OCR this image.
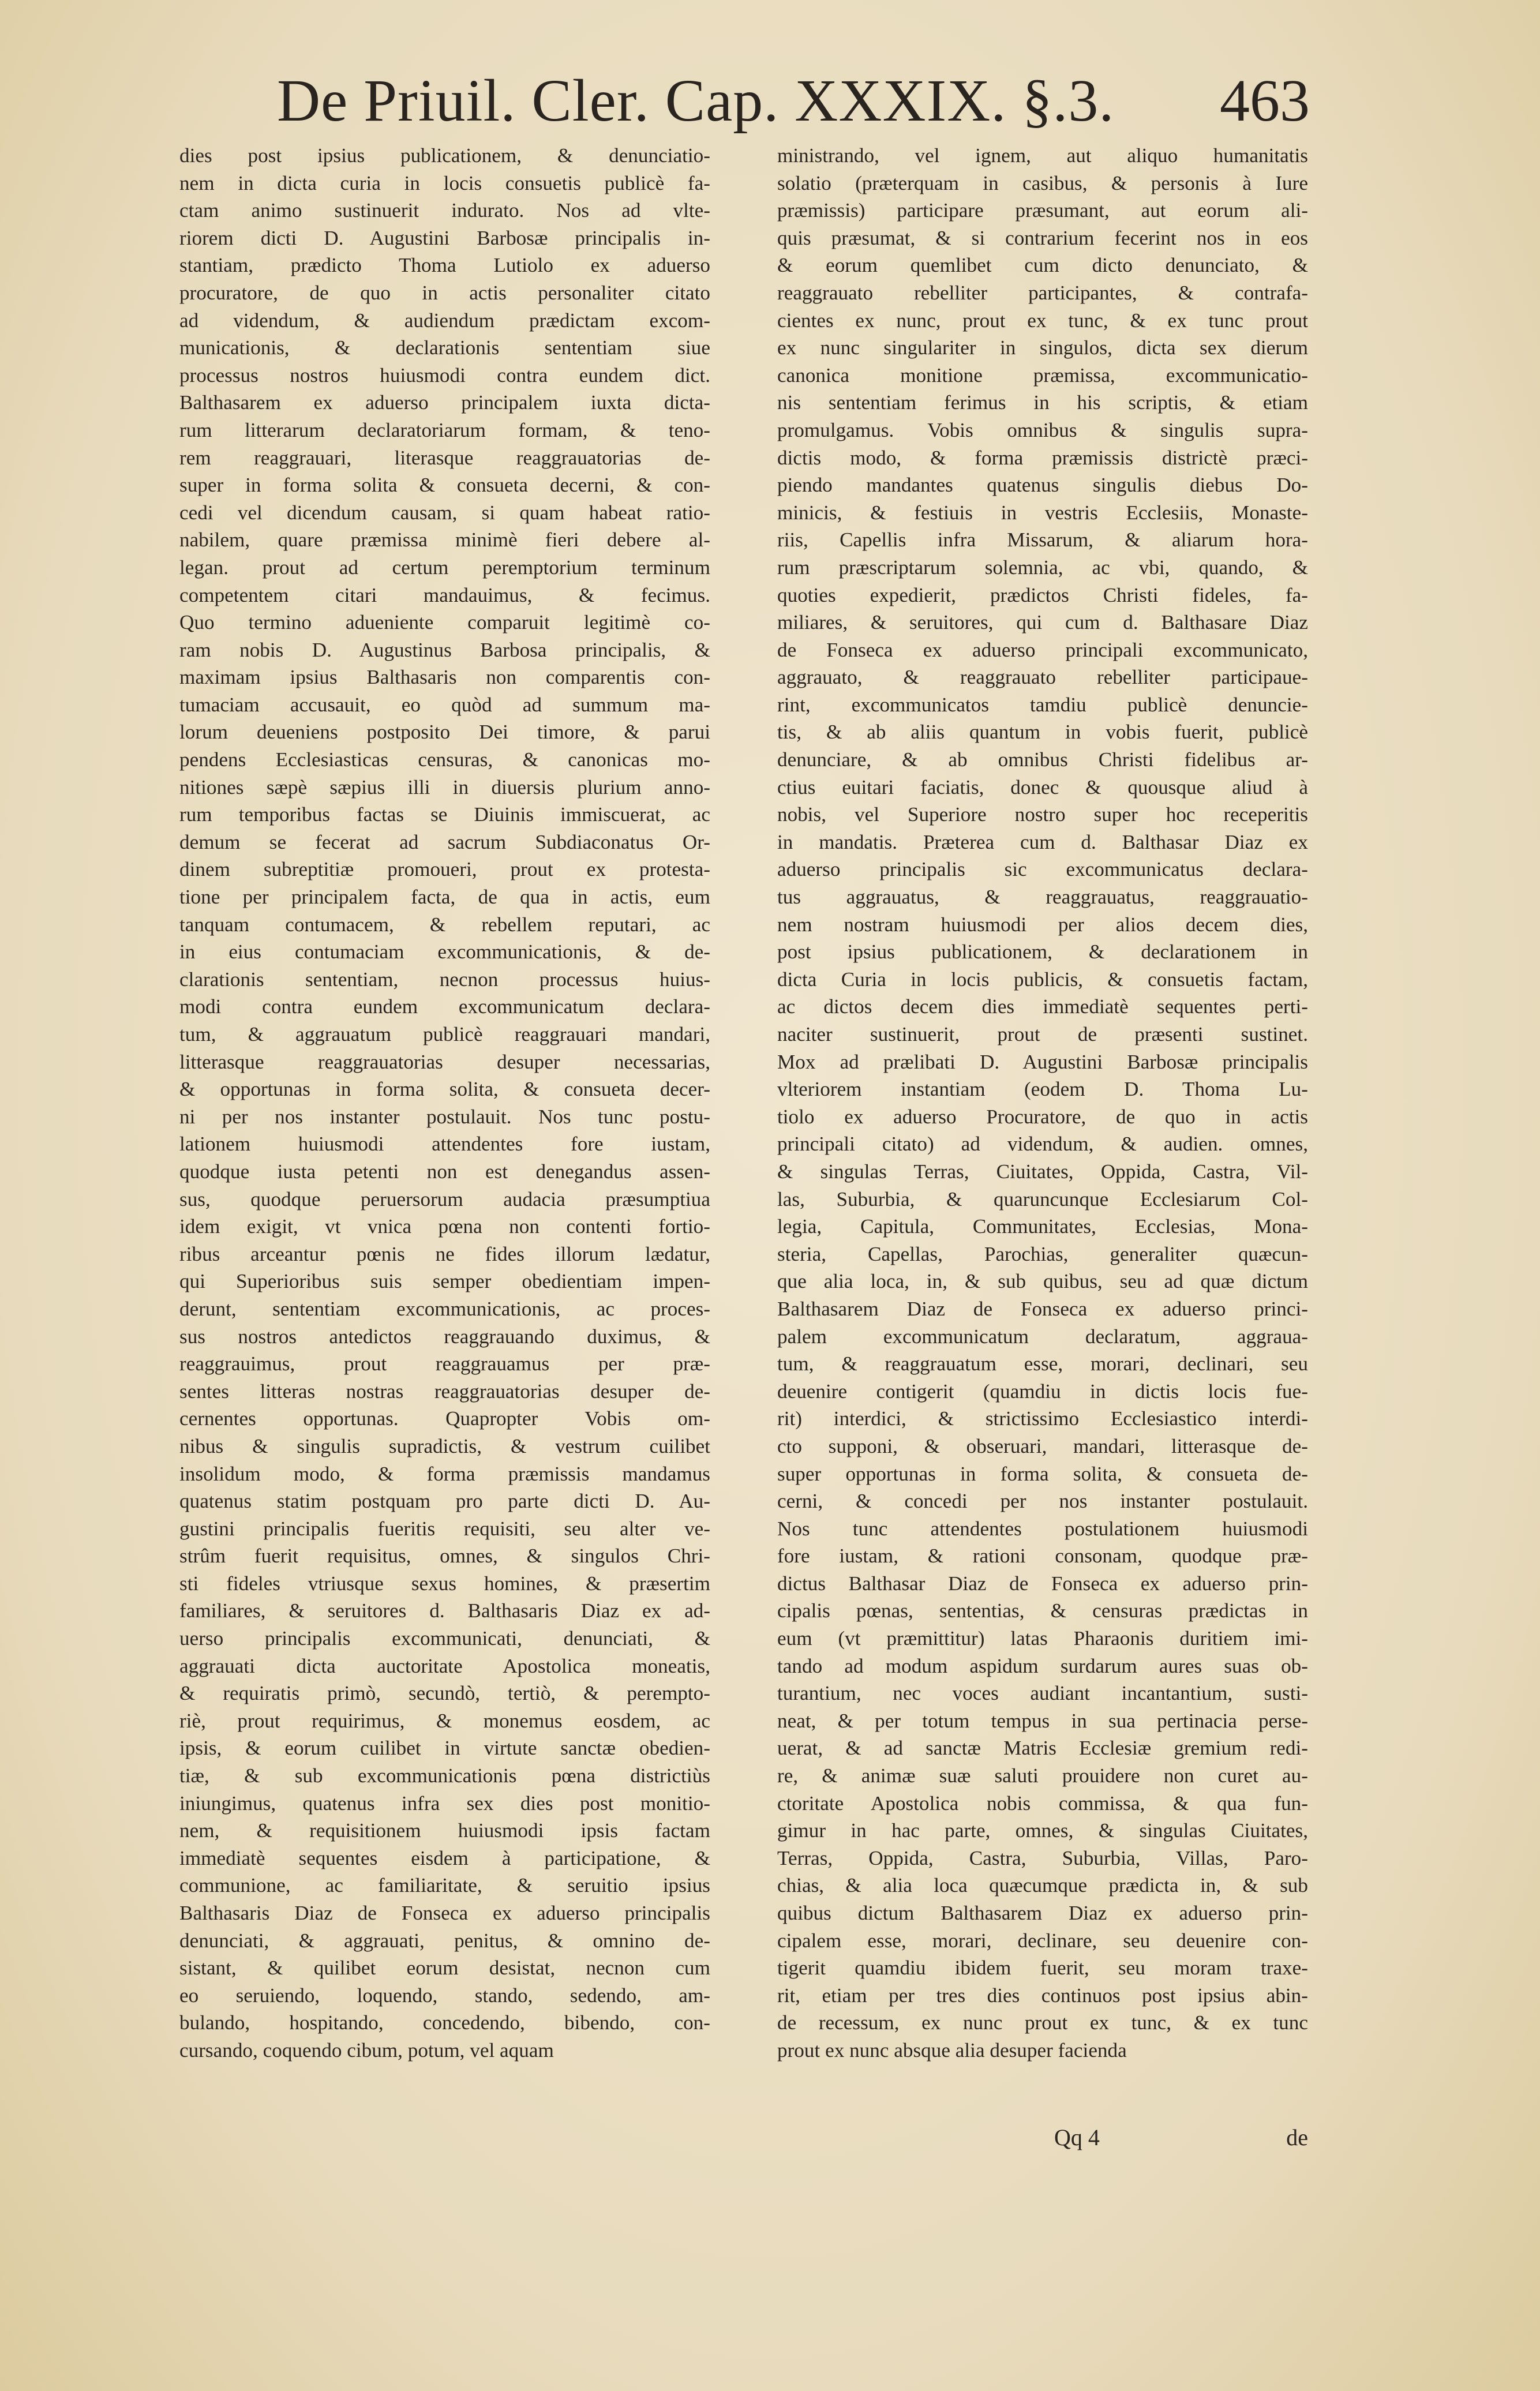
De Priuil. Cler. Cap. XXXIX. §.3. 463
dies post ipsius publicationem, & denunciatio-
nem in dicta curia in locis consuetis publicè fa-
ctam animo sustinuerit indurato. Nos ad vlte-
riorem dicti D. Augustini Barbosæ principalis in-
stantiam, prædicto Thoma Lutiolo ex aduerso
procuratore, de quo in actis personaliter citato
ad videndum, & audiendum prædictam excom-
municationis, & declarationis sententiam siue
processus nostros huiusmodi contra eundem dict.
Balthasarem ex aduerso principalem iuxta dicta-
rum litterarum declaratoriarum formam, & teno-
rem reaggrauari, literasque reaggrauatorias de-
super in forma solita & consueta decerni, & con-
cedi vel dicendum causam, si quam habeat ratio-
nabilem, quare præmissa minimè fieri debere al-
legan. prout ad certum peremptorium terminum
competentem citari mandauimus, & fecimus.
Quo termino adueniente comparuit legitimè co-
ram nobis D. Augustinus Barbosa principalis, &
maximam ipsius Balthasaris non comparentis con-
tumaciam accusauit, eo quòd ad summum ma-
lorum deueniens postposito Dei timore, & parui
pendens Ecclesiasticas censuras, & canonicas mo-
nitiones sæpè sæpius illi in diuersis plurium anno-
rum temporibus factas se Diuinis immiscuerat, ac
demum se fecerat ad sacrum Subdiaconatus Or-
dinem subreptitiæ promoueri, prout ex protesta-
tione per principalem facta, de qua in actis, eum
tanquam contumacem, & rebellem reputari, ac
in eius contumaciam excommunicationis, & de-
clarationis sententiam, necnon processus huius-
modi contra eundem excommunicatum declara-
tum, & aggrauatum publicè reaggrauari mandari,
litterasque reaggrauatorias desuper necessarias,
& opportunas in forma solita, & consueta decer-
ni per nos instanter postulauit. Nos tunc postu-
lationem huiusmodi attendentes fore iustam,
quodque iusta petenti non est denegandus assen-
sus, quodque peruersorum audacia præsumptiua
idem exigit, vt vnica pœna non contenti fortio-
ribus arceantur pœnis ne fides illorum lædatur,
qui Superioribus suis semper obedientiam impen-
derunt, sententiam excommunicationis, ac proces-
sus nostros antedictos reaggrauando duximus, &
reaggrauimus, prout reaggrauamus per præ-
sentes litteras nostras reaggrauatorias desuper de-
cernentes opportunas. Quapropter Vobis om-
nibus & singulis supradictis, & vestrum cuilibet
insolidum modo, & forma præmissis mandamus
quatenus statim postquam pro parte dicti D. Au-
gustini principalis fueritis requisiti, seu alter ve-
strûm fuerit requisitus, omnes, & singulos Chri-
sti fideles vtriusque sexus homines, & præsertim
familiares, & seruitores d. Balthasaris Diaz ex ad-
uerso principalis excommunicati, denunciati, &
aggrauati dicta auctoritate Apostolica moneatis,
& requiratis primò, secundò, tertiò, & perempto-
riè, prout requirimus, & monemus eosdem, ac
ipsis, & eorum cuilibet in virtute sanctæ obedien-
tiæ, & sub excommunicationis pœna districtiùs
iniungimus, quatenus infra sex dies post monitio-
nem, & requisitionem huiusmodi ipsis factam
immediatè sequentes eisdem à participatione, &
communione, ac familiaritate, & seruitio ipsius
Balthasaris Diaz de Fonseca ex aduerso principalis
denunciati, & aggrauati, penitus, & omnino de-
sistant, & quilibet eorum desistat, necnon cum
eo seruiendo, loquendo, stando, sedendo, am-
bulando, hospitando, concedendo, bibendo, con-
cursando, coquendo cibum, potum, vel aquam
ministrando, vel ignem, aut aliquo humanitatis
solatio (præterquam in casibus, & personis à Iure
præmissis) participare præsumant, aut eorum ali-
quis præsumat, & si contrarium fecerint nos in eos
& eorum quemlibet cum dicto denunciato, &
reaggrauato rebelliter participantes, & contrafa-
cientes ex nunc, prout ex tunc, & ex tunc prout
ex nunc singulariter in singulos, dicta sex dierum
canonica monitione præmissa, excommunicatio-
nis sententiam ferimus in his scriptis, & etiam
promulgamus. Vobis omnibus & singulis supra-
dictis modo, & forma præmissis districtè præci-
piendo mandantes quatenus singulis diebus Do-
minicis, & festiuis in vestris Ecclesiis, Monaste-
riis, Capellis infra Missarum, & aliarum hora-
rum præscriptarum solemnia, ac vbi, quando, &
quoties expedierit, prædictos Christi fideles, fa-
miliares, & seruitores, qui cum d. Balthasare Diaz
de Fonseca ex aduerso principali excommunicato,
aggrauato, & reaggrauato rebelliter participaue-
rint, excommunicatos tamdiu publicè denuncie-
tis, & ab aliis quantum in vobis fuerit, publicè
denunciare, & ab omnibus Christi fidelibus ar-
ctius euitari faciatis, donec & quousque aliud à
nobis, vel Superiore nostro super hoc receperitis
in mandatis. Præterea cum d. Balthasar Diaz ex
aduerso principalis sic excommunicatus declara-
tus aggrauatus, & reaggrauatus, reaggrauatio-
nem nostram huiusmodi per alios decem dies,
post ipsius publicationem, & declarationem in
dicta Curia in locis publicis, & consuetis factam,
ac dictos decem dies immediatè sequentes perti-
naciter sustinuerit, prout de præsenti sustinet.
Mox ad prælibati D. Augustini Barbosæ principalis
vlteriorem instantiam (eodem D. Thoma Lu-
tiolo ex aduerso Procuratore, de quo in actis
principali citato) ad videndum, & audien. omnes,
& singulas Terras, Ciuitates, Oppida, Castra, Vil-
las, Suburbia, & quaruncunque Ecclesiarum Col-
legia, Capitula, Communitates, Ecclesias, Mona-
steria, Capellas, Parochias, generaliter quæcun-
que alia loca, in, & sub quibus, seu ad quæ dictum
Balthasarem Diaz de Fonseca ex aduerso princi-
palem excommunicatum declaratum, aggraua-
tum, & reaggrauatum esse, morari, declinari, seu
deuenire contigerit (quamdiu in dictis locis fue-
rit) interdici, & strictissimo Ecclesiastico interdi-
cto supponi, & obseruari, mandari, litterasque de-
super opportunas in forma solita, & consueta de-
cerni, & concedi per nos instanter postulauit.
Nos tunc attendentes postulationem huiusmodi
fore iustam, & rationi consonam, quodque præ-
dictus Balthasar Diaz de Fonseca ex aduerso prin-
cipalis pœnas, sententias, & censuras prædictas in
eum (vt præmittitur) latas Pharaonis duritiem imi-
tando ad modum aspidum surdarum aures suas ob-
turantium, nec voces audiant incantantium, susti-
neat, & per totum tempus in sua pertinacia perse-
uerat, & ad sanctæ Matris Ecclesiæ gremium redi-
re, & animæ suæ saluti prouidere non curet au-
ctoritate Apostolica nobis commissa, & qua fun-
gimur in hac parte, omnes, & singulas Ciuitates,
Terras, Oppida, Castra, Suburbia, Villas, Paro-
chias, & alia loca quæcumque prædicta in, & sub
quibus dictum Balthasarem Diaz ex aduerso prin-
cipalem esse, morari, declinare, seu deuenire con-
tigerit quamdiu ibidem fuerit, seu moram traxe-
rit, etiam per tres dies continuos post ipsius abin-
de recessum, ex nunc prout ex tunc, & ex tunc
prout ex nunc absque alia desuper facienda
Qq 4	de
